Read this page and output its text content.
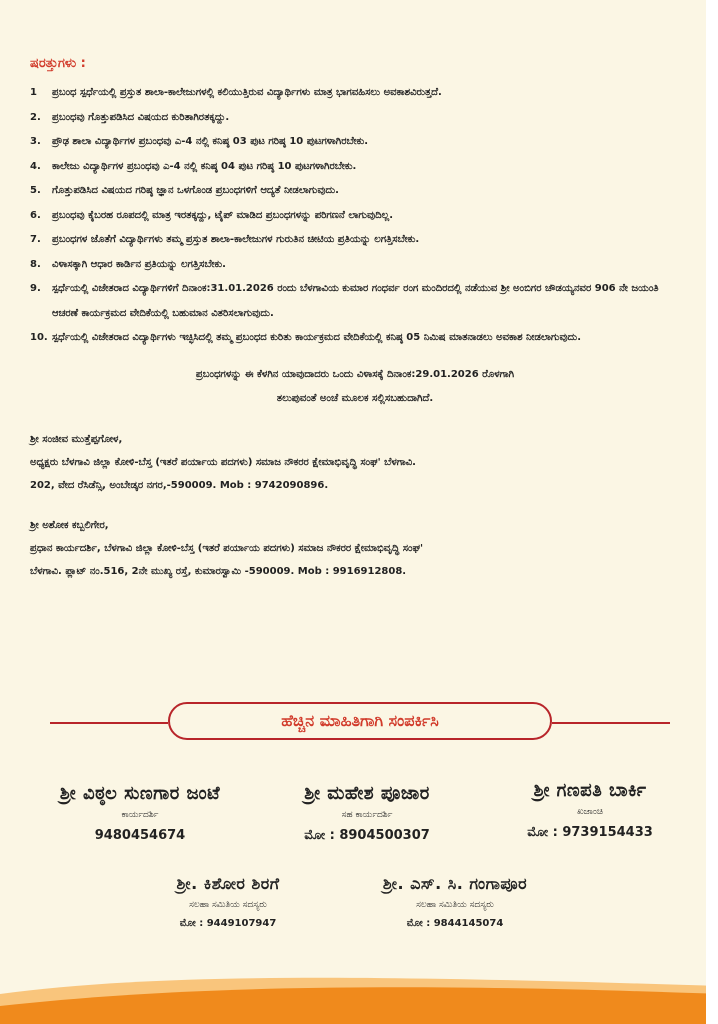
ಷರತ್ತುಗಳು :
1 ಪ್ರಬಂಧ ಸ್ಪರ್ಧೆಯಲ್ಲಿ ಪ್ರಸ್ತುತ ಶಾಲಾ-ಕಾಲೇಜುಗಳಲ್ಲಿ ಕಲಿಯುತ್ತಿರುವ ವಿದ್ಯಾರ್ಥಿಗಳು ಮಾತ್ರ ಭಾಗವಹಿಸಲು ಅವಕಾಶವಿರುತ್ತದೆ.
2. ಪ್ರಬಂಧವು ಗೊತ್ತುಪಡಿಸಿದ ವಿಷಯದ ಕುರಿತಾಗಿರತಕ್ಕದ್ದು.
3. ಪ್ರೌಢ ಶಾಲಾ ವಿದ್ಯಾರ್ಥಿಗಳ ಪ್ರಬಂಧವು ಎ-4 ನಲ್ಲಿ ಕನಿಷ್ಠ 03 ಪುಟ ಗರಿಷ್ಠ 10 ಪುಟಗಳಾಗಿರಬೇಕು.
4. ಕಾಲೇಜು ವಿದ್ಯಾರ್ಥಿಗಳ ಪ್ರಬಂಧವು ಎ-4 ನಲ್ಲಿ ಕನಿಷ್ಠ 04 ಪುಟ ಗರಿಷ್ಠ 10 ಪುಟಗಳಾಗಿರಬೇಕು.
5. ಗೊತ್ತುಪಡಿಸಿದ ವಿಷಯದ ಗರಿಷ್ಠ ಜ್ಞಾನ ಒಳಗೊಂಡ ಪ್ರಬಂಧಗಳಿಗೆ ಆದ್ಯತೆ ನೀಡಲಾಗುವುದು.
6. ಪ್ರಬಂಧವು ಕೈಬರಹ ರೂಪದಲ್ಲಿ ಮಾತ್ರ ಇರತಕ್ಕದ್ದು, ಟೈಪ್ ಮಾಡಿದ ಪ್ರಬಂಧಗಳನ್ನು ಪರಿಗಣನೆ ಲಾಗುವುದಿಲ್ಲ.
7. ಪ್ರಬಂಧಗಳ ಜೊತೆಗೆ ವಿದ್ಯಾರ್ಥಿಗಳು ತಮ್ಮ ಪ್ರಸ್ತುತ ಶಾಲಾ-ಕಾಲೇಜುಗಳ ಗುರುತಿನ ಚೀಟಿಯ ಪ್ರತಿಯನ್ನು ಲಗತ್ತಿಸಬೇಕು.
8. ವಿಳಾಸಕ್ಕಾಗಿ ಆಧಾರ ಕಾರ್ಡಿನ ಪ್ರತಿಯನ್ನು ಲಗತ್ತಿಸಬೇಕು.
9. ಸ್ಪರ್ಧೆಯಲ್ಲಿ ವಿಜೇತರಾದ ವಿದ್ಯಾರ್ಥಿಗಳಿಗೆ ದಿನಾಂಕ:31.01.2026 ರಂದು ಬೆಳಗಾವಿಯ ಕುಮಾರ ಗಂಧರ್ವ ರಂಗ ಮಂದಿರದಲ್ಲಿ ನಡೆಯುವ ಶ್ರೀ ಅಂಬಿಗರ ಚೌಡಯ್ಯನವರ 906 ನೇ ಜಯಂತಿ ಆಚರಣೆ ಕಾರ್ಯಕ್ರಮದ ವೇದಿಕೆಯಲ್ಲಿ ಬಹುಮಾನ ವಿತರಿಸಲಾಗುವುದು.
10. ಸ್ಪರ್ಧೆಯಲ್ಲಿ ವಿಜೇತರಾದ ವಿದ್ಯಾರ್ಥಿಗಳು ಇಚ್ಛಿಸಿದಲ್ಲಿ ತಮ್ಮ ಪ್ರಬಂಧದ ಕುರಿತು ಕಾರ್ಯಕ್ರಮದ ವೇದಿಕೆಯಲ್ಲಿ ಕನಿಷ್ಠ 05 ನಿಮಿಷ ಮಾತನಾಡಲು ಅವಕಾಶ ನೀಡಲಾಗುವುದು.
ಪ್ರಬಂಧಗಳನ್ನು ಈ ಕೆಳಗಿನ ಯಾವುದಾದರು ಒಂದು ವಿಳಾಸಕ್ಕೆ ದಿನಾಂಕ:29.01.2026 ರೊಳಗಾಗಿ
ತಲುಪುವಂತೆ ಅಂಚೆ ಮೂಲಕ ಸಲ್ಲಿಸಬಹುದಾಗಿದೆ.
ಶ್ರೀ ಸಂಜೀವ ಮುತ್ತೆಪ್ಪಗೋಳ,
ಅಧ್ಯಕ್ಷರು ಬೆಳಗಾವಿ ಜಿಲ್ಲಾ ಕೋಳಿ-ಬೆಸ್ತ (ಇತರೆ ಪರ್ಯಾಯ ಪದಗಳು) ಸಮಾಜ ನೌಕರರ ಕ್ಷೇಮಾಭಿವೃದ್ಧಿ ಸಂಘ' ಬೆಳಗಾವಿ.
202, ವೇದ ರೆಸಿಡೆನ್ಸಿ, ಅಂಬೇಡ್ಕರ ನಗರ,-590009. Mob : 9742090896.
ಶ್ರೀ ಅಶೋಕ ಕಬ್ಬಲಿಗೇರ,
ಪ್ರಧಾನ ಕಾರ್ಯದರ್ಶಿ, ಬೆಳಗಾವಿ ಜಿಲ್ಲಾ ಕೋಳಿ-ಬೆಸ್ತ (ಇತರೆ ಪರ್ಯಾಯ ಪದಗಳು) ಸಮಾಜ ನೌಕರರ ಕ್ಷೇಮಾಭಿವೃದ್ಧಿ ಸಂಘ'
ಬೆಳಗಾವಿ. ಪ್ಲಾಟ್ ನಂ.516, 2ನೇ ಮುಖ್ಯ ರಸ್ತೆ, ಕುಮಾರಸ್ವಾಮಿ -590009. Mob : 9916912808.
ಹೆಚ್ಚಿನ ಮಾಹಿತಿಗಾಗಿ ಸಂಪರ್ಕಿಸಿ
ಶ್ರೀ ವಿಠ್ಠಲ ಸುಣಗಾರ ಜಂಟೆ
ಕಾರ್ಯದರ್ಶಿ
9480454674
ಶ್ರೀ ಮಹೇಶ ಪೂಜಾರ
ಸಹ ಕಾರ್ಯದರ್ಶಿ
ಮೋ : 8904500307
ಶ್ರೀ ಗಣಪತಿ ಬಾರ್ಕಿ
ಖಜಾಂಚಿ
ಮೋ : 9739154433
ಶ್ರೀ. ಕಿಶೋರ ಶಿರಗೆ
ಸಲಹಾ ಸಮಿತಿಯ ಸದಸ್ಯರು
ಮೋ : 9449107947
ಶ್ರೀ. ಎಸ್. ಸಿ. ಗಂಗಾಪೂರ
ಸಲಹಾ ಸಮಿತಿಯ ಸದಸ್ಯರು
ಮೋ : 9844145074
